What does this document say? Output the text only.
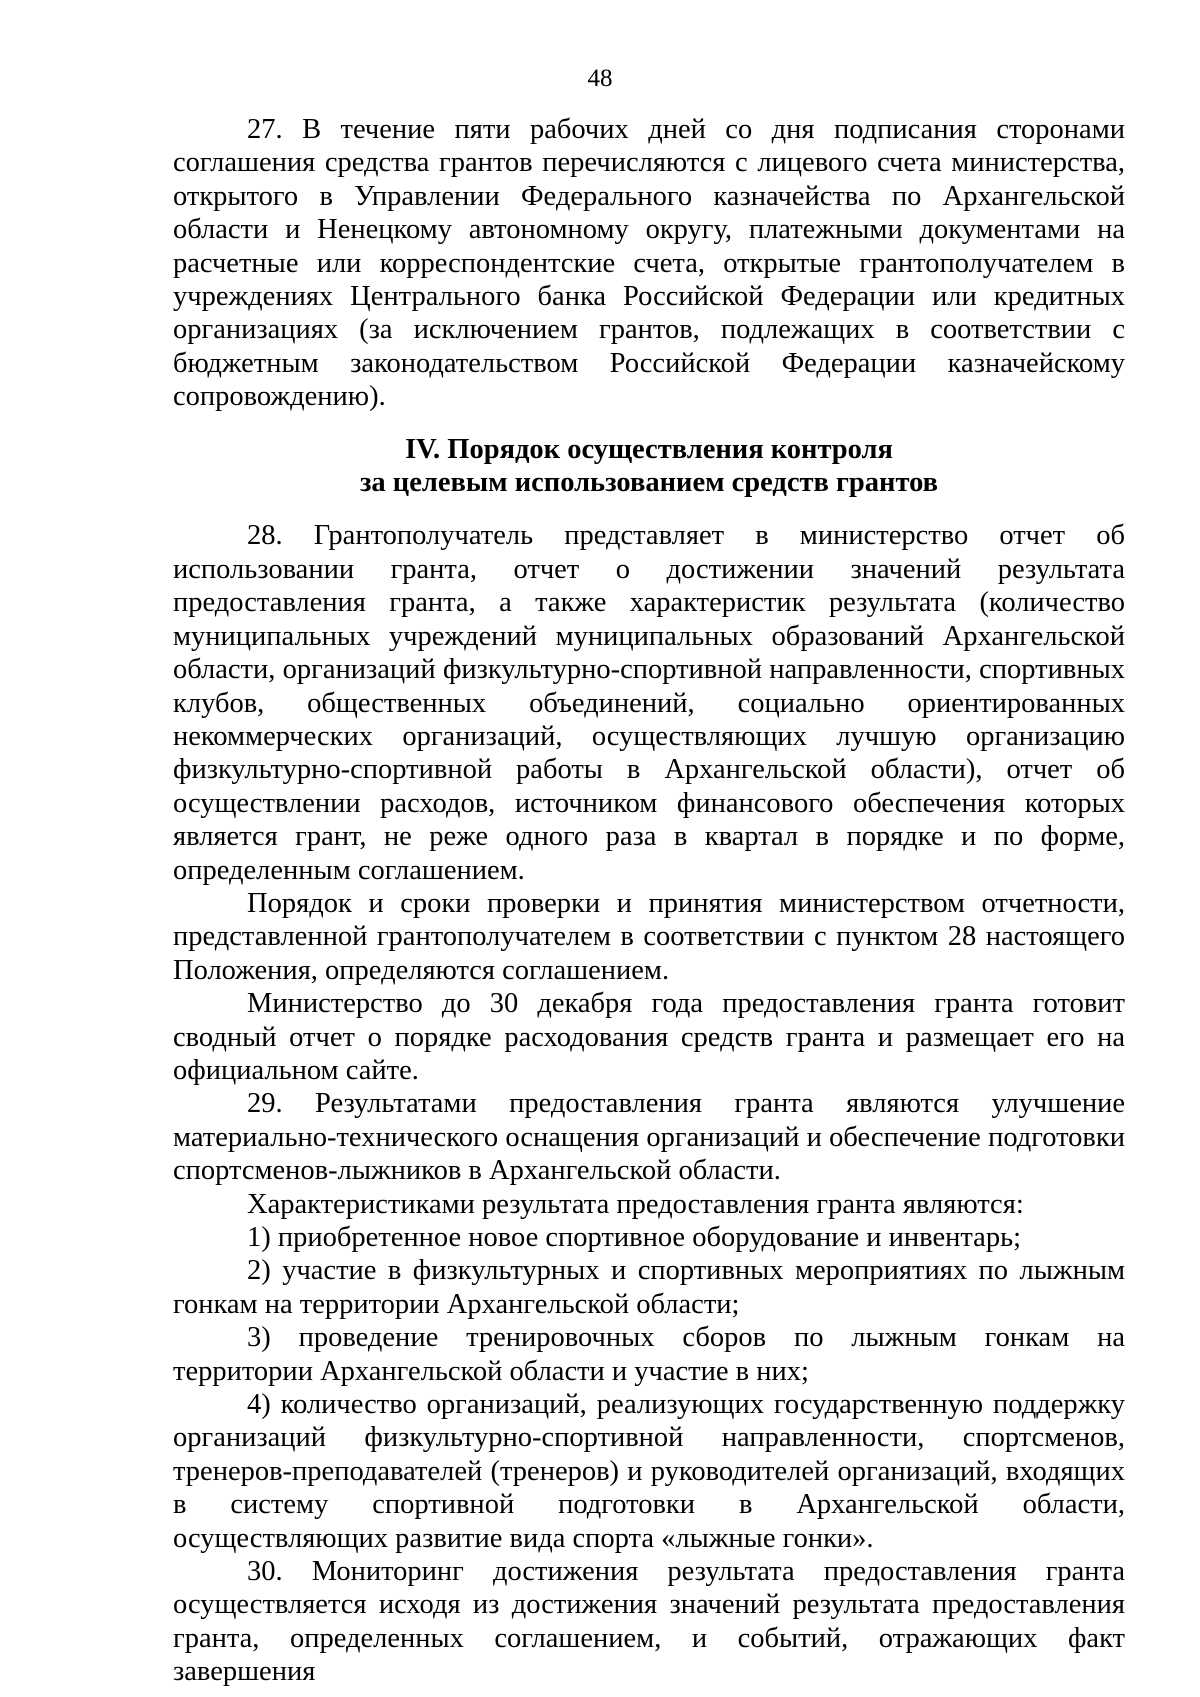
48

27. В течение пяти рабочих дней со дня подписания сторонами соглашения средства грантов перечисляются с лицевого счета министерства, открытого в Управлении Федерального казначейства по Архангельской области и Ненецкому автономному округу, платежными документами на расчетные или корреспондентские счета, открытые грантополучателем в учреждениях Центрального банка Российской Федерации или кредитных организациях (за исключением грантов, подлежащих в соответствии с бюджетным законодательством Российской Федерации казначейскому сопровождению).

IV. Порядок осуществления контроля
за целевым использованием средств грантов

28. Грантополучатель представляет в министерство отчет об использовании гранта, отчет о достижении значений результата предоставления гранта, а также характеристик результата (количество муниципальных учреждений муниципальных образований Архангельской области, организаций физкультурно-спортивной направленности, спортивных клубов, общественных объединений, социально ориентированных некоммерческих организаций, осуществляющих лучшую организацию физкультурно-спортивной работы в Архангельской области), отчет об осуществлении расходов, источником финансового обеспечения которых является грант, не реже одного раза в квартал в порядке и по форме, определенным соглашением.

Порядок и сроки проверки и принятия министерством отчетности, представленной грантополучателем в соответствии с пунктом 28 настоящего Положения, определяются соглашением.

Министерство до 30 декабря года предоставления гранта готовит сводный отчет о порядке расходования средств гранта и размещает его на официальном сайте.

29. Результатами предоставления гранта являются улучшение материально-технического оснащения организаций и обеспечение подготовки спортсменов-лыжников в Архангельской области.

Характеристиками результата предоставления гранта являются:

1) приобретенное новое спортивное оборудование и инвентарь;

2) участие в физкультурных и спортивных мероприятиях по лыжным гонкам на территории Архангельской области;

3) проведение тренировочных сборов по лыжным гонкам на территории Архангельской области и участие в них;

4) количество организаций, реализующих государственную поддержку организаций физкультурно-спортивной направленности, спортсменов, тренеров-преподавателей (тренеров) и руководителей организаций, входящих в систему спортивной подготовки в Архангельской области, осуществляющих развитие вида спорта «лыжные гонки».

30. Мониторинг достижения результата предоставления гранта осуществляется исходя из достижения значений результата предоставления гранта, определенных соглашением, и событий, отражающих факт завершения
